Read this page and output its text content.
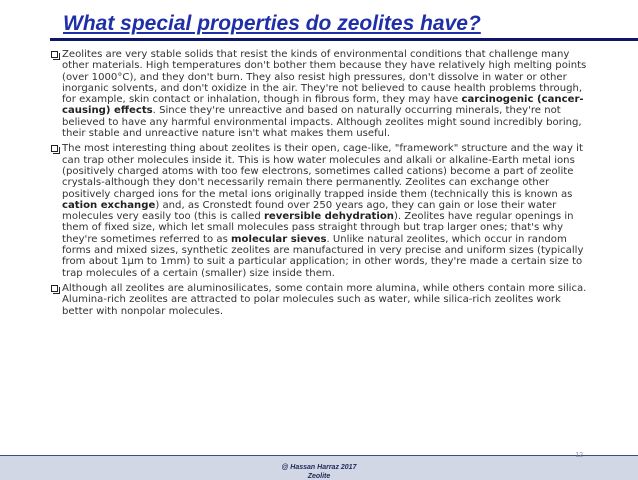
What special properties do zeolites have?

Zeolites are very stable solids that resist the kinds of environmental conditions that challenge many other materials. High temperatures don't bother them because they have relatively high melting points (over 1000°C), and they don't burn. They also resist high pressures, don't dissolve in water or other inorganic solvents, and don't oxidize in the air. They're not believed to cause health problems through, for example, skin contact or inhalation, though in fibrous form, they may have carcinogenic (cancer-causing) effects. Since they're unreactive and based on naturally occurring minerals, they're not believed to have any harmful environmental impacts. Although zeolites might sound incredibly boring, their stable and unreactive nature isn't what makes them useful.

The most interesting thing about zeolites is their open, cage-like, "framework" structure and the way it can trap other molecules inside it. This is how water molecules and alkali or alkaline-Earth metal ions (positively charged atoms with too few electrons, sometimes called cations) become a part of zeolite crystals-although they don't necessarily remain there permanently. Zeolites can exchange other positively charged ions for the metal ions originally trapped inside them (technically this is known as cation exchange) and, as Cronstedt found over 250 years ago, they can gain or lose their water molecules very easily too (this is called reversible dehydration). Zeolites have regular openings in them of fixed size, which let small molecules pass straight through but trap larger ones; that's why they're sometimes referred to as molecular sieves. Unlike natural zeolites, which occur in random forms and mixed sizes, synthetic zeolites are manufactured in very precise and uniform sizes (typically from about 1μm to 1mm) to suit a particular application; in other words, they're made a certain size to trap molecules of a certain (smaller) size inside them.

Although all zeolites are aluminosilicates, some contain more alumina, while others contain more silica. Alumina-rich zeolites are attracted to polar molecules such as water, while silica-rich zeolites work better with nonpolar molecules.

12
@ Hassan Harraz 2017
Zeolite
